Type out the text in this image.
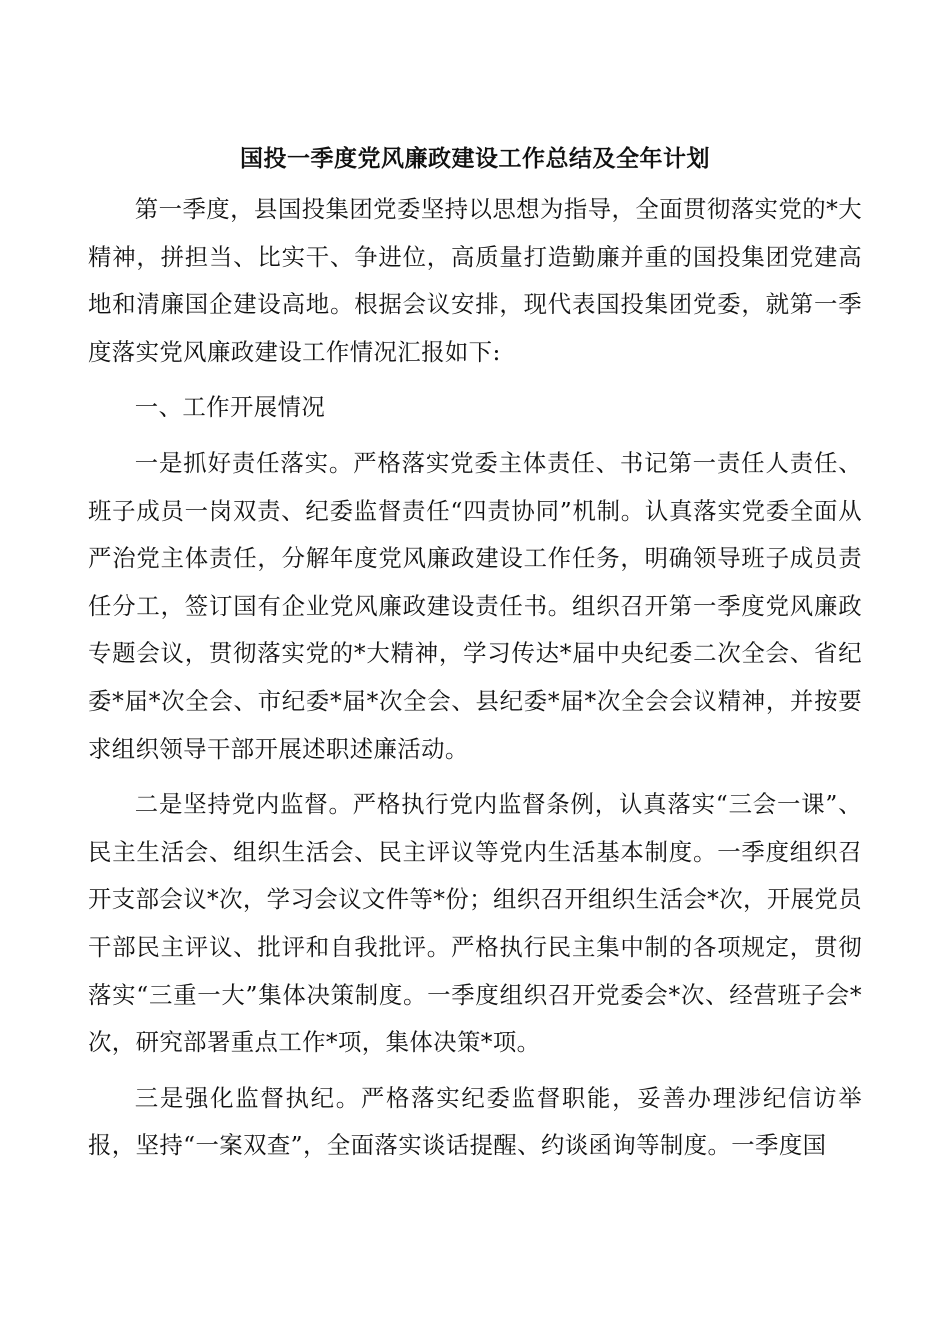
国投一季度党风廉政建设工作总结及全年计划

第一季度，县国投集团党委坚持以思想为指导，全面贯彻落实党的*大精神，拼担当、比实干、争进位，高质量打造勤廉并重的国投集团党建高地和清廉国企建设高地。根据会议安排，现代表国投集团党委，就第一季度落实党风廉政建设工作情况汇报如下:

一、工作开展情况

一是抓好责任落实。严格落实党委主体责任、书记第一责任人责任、班子成员一岗双责、纪委监督责任“四责协同”机制。认真落实党委全面从严治党主体责任，分解年度党风廉政建设工作任务，明确领导班子成员责任分工，签订国有企业党风廉政建设责任书。组织召开第一季度党风廉政专题会议，贯彻落实党的*大精神，学习传达*届中央纪委二次全会、省纪委*届*次全会、市纪委*届*次全会、县纪委*届*次全会会议精神，并按要求组织领导干部开展述职述廉活动。

二是坚持党内监督。严格执行党内监督条例，认真落实“三会一课”、民主生活会、组织生活会、民主评议等党内生活基本制度。一季度组织召开支部会议*次，学习会议文件等*份；组织召开组织生活会*次，开展党员干部民主评议、批评和自我批评。严格执行民主集中制的各项规定，贯彻落实“三重一大”集体决策制度。一季度组织召开党委会*次、经营班子会*次，研究部署重点工作*项，集体决策*项。

三是强化监督执纪。严格落实纪委监督职能，妥善办理涉纪信访举报，坚持“一案双查”，全面落实谈话提醒、约谈函询等制度。一季度国
